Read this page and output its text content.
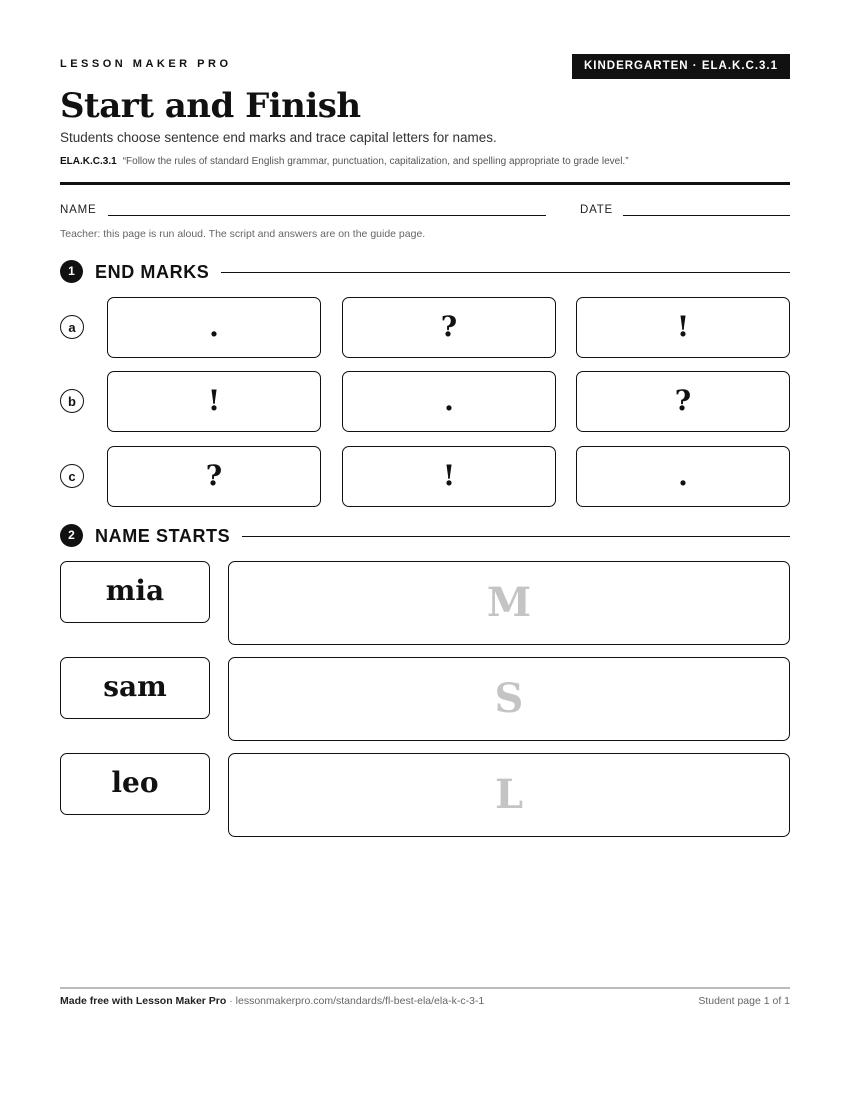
LESSON MAKER PRO	KINDERGARTEN · ELA.K.C.3.1
Start and Finish
Students choose sentence end marks and trace capital letters for names.
ELA.K.C.3.1 “Follow the rules of standard English grammar, punctuation, capitalization, and spelling appropriate to grade level.”
NAME	DATE
Teacher: this page is run aloud. The script and answers are on the guide page.
1	END MARKS
a	.	?	!
b	!	.	?
c	?	!	.
2	NAME STARTS
mia	M
sam	S
leo	L
Made free with Lesson Maker Pro · lessonmakerpro.com/standards/fl-best-ela/ela-k-c-3-1	Student page 1 of 1
